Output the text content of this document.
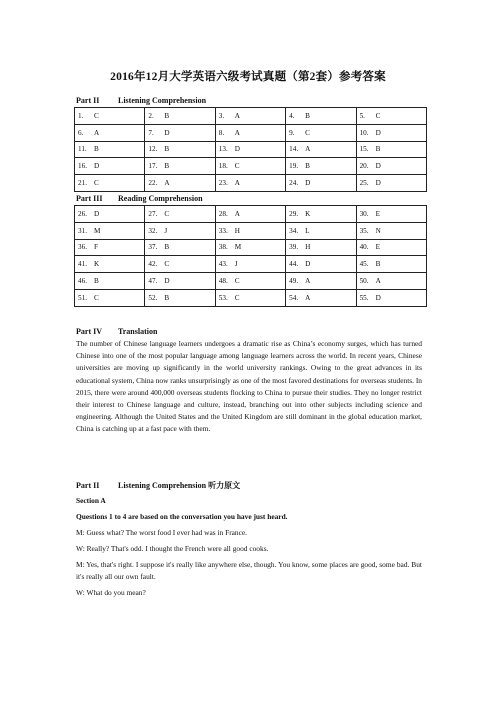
2016年12月大学英语六级考试真题（第2套）参考答案
Part II Listening Comprehension
1. C	2. B	3. A	4. B	5. C
6. A	7. D	8. A	9. C	10. D
11. B	12. B	13. D	14. A	15. B
16. D	17. B	18. C	19. B	20. D
21. C	22. A	23. A	24. D	25. D
Part III Reading Comprehension
26. D	27. C	28. A	29. K	30. E
31. M	32. J	33. H	34. L	35. N
36. F	37. B	38. M	39. H	40. E
41. K	42. C	43. J	44. D	45. B
46. B	47. D	48. C	49. A	50. A
51. C	52. B	53. C	54. A	55. D
Part IV Translation
The number of Chinese language learners undergoes a dramatic rise as China’s economy surges, which has turned Chinese into one of the most popular language among language learners across the world. In recent years, Chinese universities are moving up significantly in the world university rankings. Owing to the great advances in its educational system, China now ranks unsurprisingly as one of the most favored destinations for overseas students. In 2015, there were around 400,000 overseas students flocking to China to pursue their studies. They no longer restrict their interest to Chinese language and culture, instead, branching out into other subjects including science and engineering. Although the United States and the United Kingdom are still dominant in the global education market, China is catching up at a fast pace with them.
Part II Listening Comprehension 听力原文
Section A
Questions 1 to 4 are based on the conversation you have just heard.
M: Guess what? The worst food I ever had was in France.
W: Really? That's odd. I thought the French were all good cooks.
M: Yes, that's right. I suppose it's really like anywhere else, though. You know, some places are good, some bad. But it's really all our own fault.
W: What do you mean?
